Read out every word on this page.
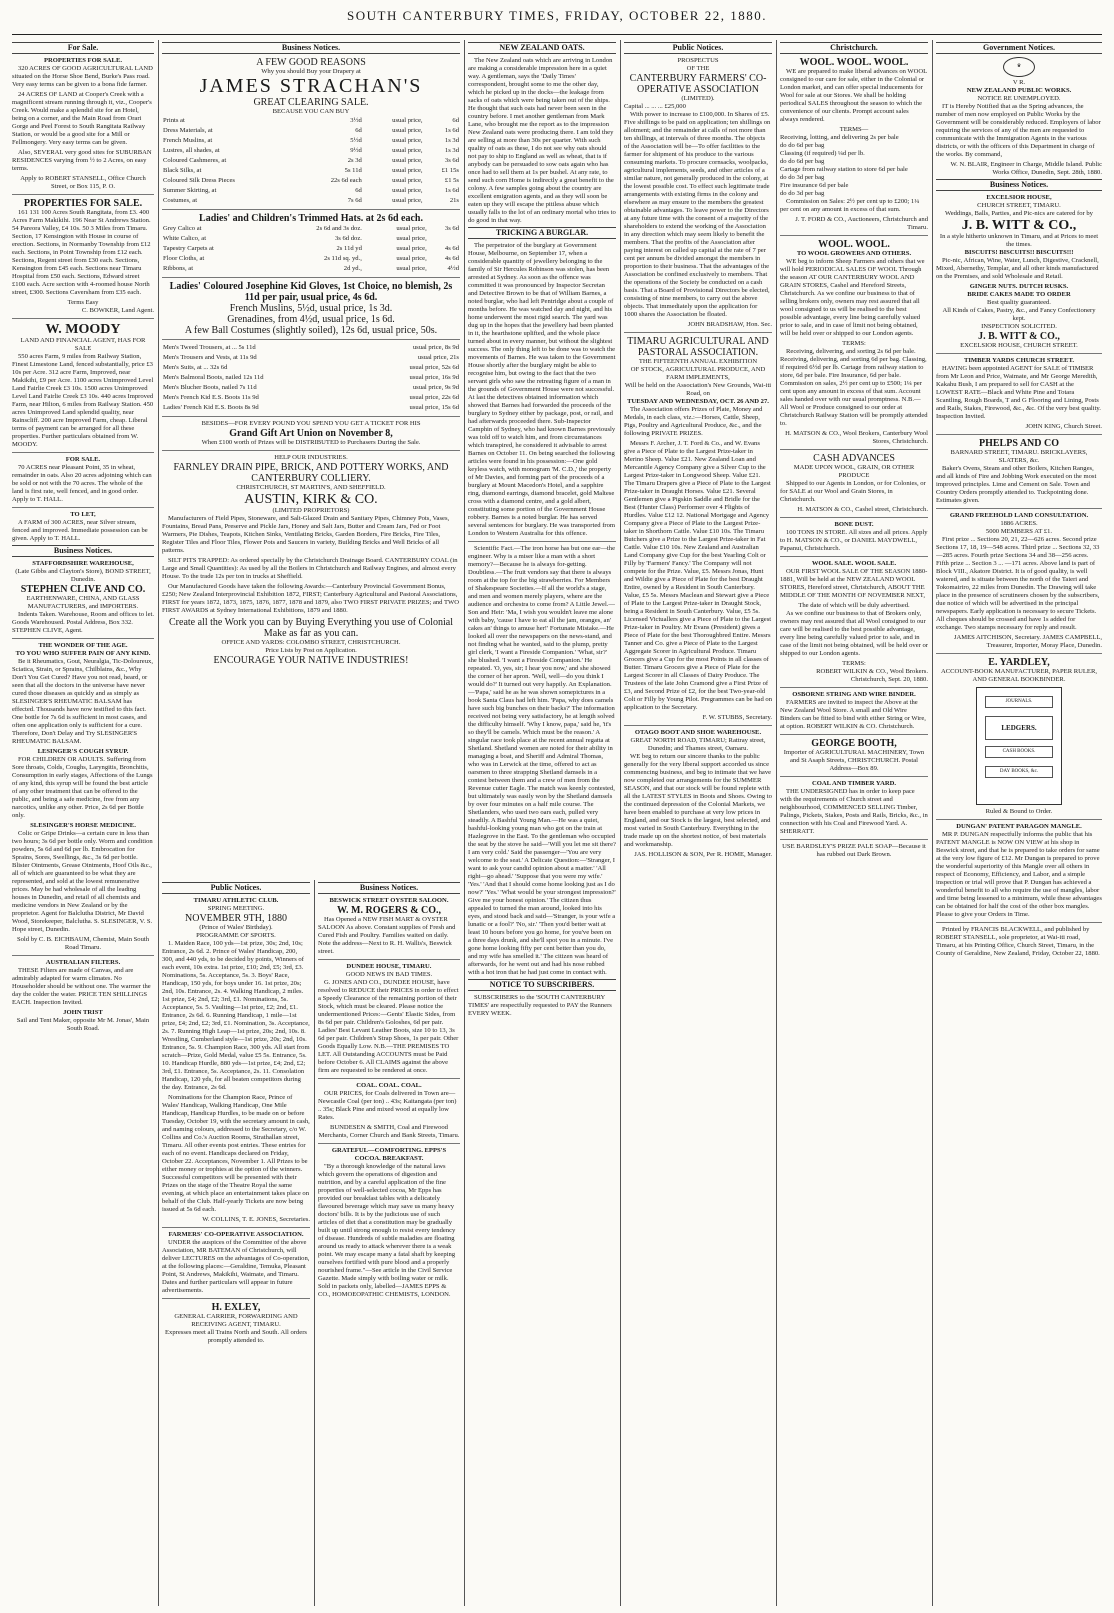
SOUTH CANTERBURY TIMES, FRIDAY, OCTOBER 22, 1880.
For Sale.
PROPERTIES FOR SALE.

320 ACRES OF GOOD AGRICULTURAL LAND situated on the Horse Shoe Bend, Burke's Pass road. Very easy terms can be given to a bona fide farmer.

24 ACRES OF LAND at Cooper's Creek with a magnificent stream running through it, viz., Cooper's Creek. Would make a splendid site for an Hotel, being on a corner, and the Main Road from Orari Gorge and Peel Forest to South Rangitata Railway Station, or would be a good site for a Mill or Fellmongery. Very easy terms can be given.

Also, SEVERAL very good sites for SUBURBAN RESIDENCES varying from ½ to 2 Acres, on easy terms.

Apply to ROBERT STANSELL, Office Church Street, or Box 115, P. O.
PROPERTIES FOR SALE.

161 131 100 Acres South Rangitata, from £3. 400 Acres Farm Makikihi. 196 Near St Andrews Station. 54 Pareora Valley, £4 10s. 50 3 Miles from Timaru. Section, 17 Kensington with House in course of erection. Sections, in Normanby Township from £12 each. Sections, in Point Township from £12 each. Sections, Regent street from £30 each. Sections, Kensington from £45 each. Sections near Timaru Hospital from £50 each. Sections, Edward street £100 each. Acre section with 4-roomed house North street, £300. Sections Caversham from £35 each.

Terms Easy
C. BOWKER, Land Agent.
W. MOODY
LAND AND FINANCIAL AGENT, HAS FOR SALE

550 acres Farm, 9 miles from Railway Station, Finest Limestone Land, fenced substantially, price £3 10s per Acre. 312 acre Farm, Improved, near Makikihi, £9 per Acre. 1100 acres Unimproved Level Land Fairlie Creek £3 10s. 1500 acres Unimproved Level Land Fairlie Creek £3 10s. 440 acres Improved Farm, near Hilton, 6 miles from Railway Station. 450 acres Unimproved Land splendid quality, near Rainscliff. 200 acre Improved Farm, cheap. Liberal terms of payment can be arranged for all these properties. Further particulars obtained from W. MOODY.

FOR SALE.

70 ACRES near Pleasant Point, 35 in wheat, remainder in oats. Also 20 acres adjoining which can be sold or not with the 70 acres. The whole of the land is first rate, well fenced, and in good order. Apply to T. HALL.

TO LET,

A FARM of 300 ACRES, near Silver stream, fenced and improved. Immediate possession can be given. Apply to T. HALL.

Business Notices.
STAFFORDSHIRE WAREHOUSE,
(Late Gibbs and Clayton's Store), BOND STREET, Dunedin.
STEPHEN CLIVE AND CO.
EARTHENWARE, CHINA, AND GLASS MANUFACTURERS, and IMPORTERS.

Indents Taken. Warehouse, Room and offices to let. Goods Warehoused. Postal Address, Box 332. STEPHEN CLIVE, Agent.

THE WONDER OF THE AGE.
TO YOU WHO SUFFER PAIN OF ANY KIND.

Be it Rheumatics, Gout, Neuralgia, Tic-Doloureux, Sciatica, Strain, or Sprains, Chilblains, &c., Why Don't You Get Cured? Have you not read, heard, or seen that all the doctors in the universe have never cured those diseases as quickly and as simply as SLESINGER'S RHEUMATIC BALSAM has effected. Thousands have now testified to this fact. One bottle for 7s 6d is sufficient in most cases, and often one application only is sufficient for a cure. Therefore, Don't Delay and Try SLESINGER'S RHEUMATIC BALSAM.

LESINGER'S COUGH SYRUP.

FOR CHILDREN OR ADULTS. Suffering from Sore throats, Colds, Coughs, Laryngitis, Bronchitis, Consumption in early stages, Affections of the Lungs of any kind, this syrup will be found the best article of any other treatment that can be offered to the public, and being a safe medicine, free from any narcotics, unlike any other. Price, 2s 6d per Bottle only.

SLESINGER'S HORSE MEDICINE.

Colic or Gripe Drinks—a certain cure in less than two hours; 3s 6d per bottle only. Worm and condition powders, 5s 6d and 6d per lb. Embrocation for Sprains, Sores, Swellings, &c., 3s 6d per bottle. Blister Ointments, Grease Ointments, Hoof Oils &c., all of which are guaranteed to be what they are represented, and sold at the lowest remunerative prices. May be had wholesale of all the leading houses in Dunedin, and retail of all chemists and medicine vendors in New Zealand or by the proprietor. Agent for Balclutha District, Mr David Wood, Storekeeper, Balclutha. S. SLESINGER, V. S. Hope street, Dunedin.

Sold by C. B. EICHBAUM, Chemist, Main South Road Timaru.
AUSTRALIAN FILTERS.

THESE Filters are made of Canvas, and are admirably adapted for warm climates. No Householder should be without one. The warmer the day the colder the water. PRICE TEN SHILLINGS EACH. Inspection Invited.

JOHN TRIST
Sail and Tent Maker, opposite Mr M. Jonas', Main South Road.
Business Notices.
A FEW GOOD REASONS
Why you should Buy your Drapery at
JAMES STRACHAN'S
GREAT CLEARING SALE.
BECAUSE YOU CAN BUY
Prints at	3½d	usual price,	6d
Dress Materials, at	6d	usual price,	1s 6d
French Muslins, at	5½d	usual price,	1s 3d
Lustres, all shades, at	9½d	usual price,	1s 3d
Coloured Cashmeres, at	2s 3d	usual price,	3s 6d
Black Silks, at	5s 11d	usual price,	£1 15s
Coloured Silk Dress Pieces	22s 6d each	usual price,	£1 5s
Summer Skirting, at	6d	usual price,	1s 6d
Costumes, at	7s 6d	usual price,	21s
Ladies' and Children's Trimmed Hats. at 2s 6d each.
Grey Calico at	2s 6d and 3s doz.	usual price,	3s 6d
White Calico, at	3s 6d doz.	usual price,	
Tapestry Carpets at	2s 11d yd	usual price,	4s 6d
Floor Cloths, at	2s 11d sq. yd.,	usual price,	4s 6d
Ribbons, at	2d yd.,	usual price,	4½d
Ladies' Coloured Josephine Kid Gloves, 1st Choice, no blemish, 2s 11d per pair, usual price, 4s 6d.
French Muslins, 5½d, usual price, 1s 3d.
Grenadines, from 4½d, usual price, 1s 6d.
A few Ball Costumes (slightly soiled), 12s 6d, usual price, 50s.
Men's Tweed Trousers, at ... 5s 11d	usual price, 8s 9d
Men's Trousers and Vests, at 11s 9d	usual price, 21s
Men's Suits, at ... 32s 6d	usual price, 52s 6d
Men's Balmoral Boots, nailed 12s 11d	usual price, 16s 9d
Men's Blucher Boots, nailed 7s 11d	usual price, 9s 9d
Men's French Kid E.S. Boots 11s 9d	usual price, 22s 6d
Ladies' French Kid E.S. Boots 8s 9d	usual price, 15s 6d
BESIDES—FOR EVERY POUND YOU SPEND YOU GET A TICKET FOR HIS
Grand Gift Art Union on November 8,
When £100 worth of Prizes will be DISTRIBUTED to Purchasers During the Sale.
HELP OUR INDUSTRIES.
FARNLEY DRAIN PIPE, BRICK, AND POTTERY WORKS, AND CANTERBURY COLLIERY.
CHRISTCHURCH, ST MARTIN'S, AND SHEFFIELD.
AUSTIN, KIRK & CO.
(LIMITED PROPRIETORS)

Manufacturers of Field Pipes, Stoneware, and Salt-Glazed Drain and Sanitary Pipes, Chimney Pots, Vases, Fountains, Bread Pans, Preserve and Pickle Jars, Honey and Salt Jars, Butter and Cream Jars, Fed or Foot Warmers, Pie Dishes, Teapots, Kitchen Sinks, Ventilating Bricks, Garden Borders, Fire Bricks, Fire Tiles, Register Tiles and Floor Tiles, Flower Pots and Saucers in variety, Building Bricks and Well Bricks of all patterns.

SILT PITS TRAPPED: As ordered specially by the Christchurch Drainage Board. CANTERBURY COAL (in Large and Small Quantities): As used by all the Boilers in Christchurch and Railway Engines, and almost every House. To the trade 12s per ton in trucks at Sheffield.

Our Manufactured Goods have taken the following Awards:—Canterbury Provincial Government Bonus, £250; New Zealand Interprovincial Exhibition 1872, FIRST; Canterbury Agricultural and Pastoral Associations, FIRST for years 1872, 1873, 1875, 1876, 1877, 1878 and 1879, also TWO FIRST PRIVATE PRIZES; and TWO FIRST AWARDS at Sydney International Exhibitions, 1879 and 1880.

Create all the Work you can by Buying Everything you use of Colonial Make as far as you can.
OFFICE AND YARDS: COLOMBO STREET, CHRISTCHURCH.
Price Lists by Post on Application.
ENCOURAGE YOUR NATIVE INDUSTRIES!
Public Notices.
TIMARU ATHLETIC CLUB.
SPRING MEETING.
NOVEMBER 9TH, 1880
(Prince of Wales' Birthday).
PROGRAMME OF SPORTS.

1. Maiden Race, 100 yds—1st prize, 30s; 2nd, 10s; Entrance, 2s 6d. 2. Prince of Wales' Handicap, 200, 300, and 440 yds, to be decided by points, Winners of each event, 10s extra. 1st prize, £10; 2nd, £5; 3rd, £3. Nominations, 5s. Acceptance, 5s. 3. Boys' Race, Handicap, 150 yds, for boys under 16. 1st prize, 20s; 2nd, 10s. Entrance, 2s. 4. Walking Handicap, 2 miles. 1st prize, £4; 2nd, £2; 3rd, £1. Nominations, 5s. Acceptance, 5s. 5. Vaulting—1st prize, £2; 2nd, £1. Entrance, 2s 6d. 6. Running Handicap, 1 mile—1st prize, £4; 2nd, £2; 3rd, £1. Nomination, 3s. Acceptance, 2s. 7. Running High Leap—1st prize, 20s; 2nd, 10s. 8. Wrestling, Cumberland style—1st prize, 20s; 2nd, 10s. Entrance, 5s. 9. Champion Race, 300 yds. All start from scratch—Prize, Gold Medal, value £5 5s. Entrance, 5s. 10. Handicap Hurdle, 880 yds—1st prize, £4; 2nd, £2; 3rd, £1. Entrance, 5s. Acceptance, 2s. 11. Consolation Handicap, 120 yds, for all beaten competitors during the day. Entrance, 2s 6d.

Nominations for the Champion Race, Prince of Wales' Handicap, Walking Handicap, One Mile Handicap, Handicap Hurdles, to be made on or before Tuesday, October 19, with the secretary amount in cash, and naming colours, addressed to the Secretary, c/o W. Collins and Co.'s Auction Rooms, Strathallan street, Timaru. All other events post entries. These entries for each of no event. Handicaps declared on Friday, October 22. Acceptances, November 1. All Prizes to be either money or trophies at the option of the winners. Successful competitors will be presented with their Prizes on the stage of the Theatre Royal the same evening, at which place an entertainment takes place on behalf of the Club. Half-yearly Tickets are now being issued at 5s 6d each.

W. COLLINS, T. E. JONES, Secretaries.
FARMERS' CO-OPERATIVE ASSOCIATION.

UNDER the auspices of the Committee of the above Association, MR BATEMAN of Christchurch, will deliver LECTURES on the advantages of Co-operation, at the following places:—Geraldine, Temuka, Pleasant Point, St Andrews, Makikihi, Waimate, and Timaru. Dates and further particulars will appear in future advertisements.

H. EXLEY,
GENERAL CARRIER, FORWARDING AND RECEIVING AGENT, TIMARU.
Expresses meet all Trains North and South. All orders promptly attended to.
Business Notices.
BESWICK STREET OYSTER SALOON.
W. M. ROGERS & CO.,

Has Opened a NEW FISH MART & OYSTER SALOON As above. Constant supplies of Fresh and Cured Fish and Poultry. Families waited on daily. Note the address—Next to R. H. Wallis's, Beswick street.

DUNDEE HOUSE, TIMARU.
GOOD NEWS IN BAD TIMES.

G. JONES AND CO., DUNDEE HOUSE, have resolved to REDUCE their PRICES in order to effect a Speedy Clearance of the remaining portion of their Stock, which must be cleared. Please notice the undermentioned Prices:—Gents' Elastic Sides, from 8s 6d per pair. Children's Goloshes, 6d per pair. Ladies' Best Levant Leather Boots, size 10 to 13, 3s 6d per pair. Children's Strap Shoes, 1s per pair. Other Goods Equally Low. N.B.—THE PREMISES TO LET. All Outstanding ACCOUNTS must be Paid before October 6. All CLAIMS against the above firm are requested to be rendered at once.

COAL. COAL. COAL.

OUR PRICES, for Coals delivered in Town are—Newcastle Coal (per ton) .. 43s; Kaitangata (per ton) .. 35s; Black Pine and mixed wood at equally low Rates.

BUNDESEN & SMITH, Coal and Firewood Merchants, Corner Church and Bank Streets, Timaru.
GRATEFUL—COMFORTING. EPPS'S COCOA. BREAKFAST.

"By a thorough knowledge of the natural laws which govern the operations of digestion and nutrition, and by a careful application of the fine properties of well-selected cocoa, Mr Epps has provided our breakfast tables with a delicately flavoured beverage which may save us many heavy doctors' bills. It is by the judicious use of such articles of diet that a constitution may be gradually built up until strong enough to resist every tendency of disease. Hundreds of subtle maladies are floating around us ready to attack wherever there is a weak point. We may escape many a fatal shaft by keeping ourselves fortified with pure blood and a properly nourished frame."—See article in the Civil Service Gazette. Made simply with boiling water or milk. Sold in packets only, labelled—JAMES EPPS & CO., HOMOEOPATHIC CHEMISTS, LONDON.

NEW ZEALAND OATS.

The New Zealand oats which are arriving in London are making a considerable impression here in a quiet way. A gentleman, says the 'Daily Times' correspondent, brought some to me the other day, which he picked up in the docks—the leakage from sacks of oats which were being taken out of the ships. He thought that such oats had never been seen in the country before. I met another gentleman from Mark Lane, who brought me the report as to the impression New Zealand oats were producing there. I am told they are selling at more than 30s per quarter. With such quality of oats as these, I do not see why oats should not pay to ship to England as well as wheat, that is if anybody can be persuaded to sow oats again who has once had to sell them at 1s per bushel. At any rate, to send such corn Home is indirectly a great benefit to the colony. A few samples going about the country are excellent emigration agents, and as they will soon be eaten up they will escape the pitiless abuse which usually falls to the lot of an ordinary mortal who tries to do good in that way.

TRICKING A BURGLAR.

The perpetrator of the burglary at Government House, Melbourne, on September 17, when a considerable quantity of jewellery belonging to the family of Sir Hercules Robinson was stolen, has been arrested at Sydney. As soon as the offence was committed it was pronounced by Inspector Secretan and Detective Brown to be that of William Barnes, a noted burglar, who had left Pentridge about a couple of months before. He was watched day and night, and his home underwent the most rigid search. The yard was dug up in the hopes that the jewellery had been planted in it, the hearthstone uplifted, and the whole place turned about in every manner, but without the slightest success. The only thing left to be done was to watch the movements of Barnes. He was taken to the Government House shortly after the burglary might be able to recognise him, but owing to the fact that the two servant girls who saw the retreating figure of a man in the grounds of Government House were not successful. At last the detectives obtained information which showed that Barnes had forwarded the proceeds of the burglary to Sydney either by package, post, or rail, and had afterwards proceeded there. Sub-Inspector Camphin of Sydney, who had known Barnes previously was told off to watch him, and from circumstances which transpired, he considered it advisable to arrest Barnes on October 11. On being searched the following articles were found in his possession:—One gold keyless watch, with monogram 'M. C.D.,' the property of Mr Davies, and forming part of the proceeds of a burglary at Mount Macedon's Hotel, and a sapphire ring, diamond earrings, diamond bracelet, gold Maltese cross with a diamond centre, and a gold albert, constituting some portion of the Government House robbery. Barnes is a noted burglar. He has served several sentences for burglary. He was transported from London to Western Australia for this offence.

Scientific Fact.—The iron horse has but one ear—the engineer. Why is a miser like a man with a short memory?—Because he is always for-getting. Doubtless.—The fruit vendors say that there is always room at the top for the big strawberries. For Members of Shakespeare Societies.—If all the world's a stage, and men and women merely players, where are the audience and orchestra to come from? A Little Jewel.—Son and Heir: 'Ma, I wish you wouldn't leave me alone with baby, 'cause I have to eat all the jam, oranges, an' cakes an' things to amuse her!' Fortunate Mistake.—He looked all over the newspapers on the news-stand, and not finding what he wanted, said to the plump, pretty girl clerk, 'I want a Fireside Companion.' 'What, sir?' she blushed. 'I want a Fireside Companion.' He repeated. 'O, yes, sir; I hear you now,' and she showed the corner of her apron. 'Well, well—do you think I would do?' It turned out very happily. An Explanation.—'Papa,' said he as he was shown somepictures in a book Santa Claus had left him. 'Papa, why does camels have such big bunches on their backs?' The information received not being very satisfactory, he at length solved the difficulty himself. 'Why I know, papa,' said he, 'it's so they'll be camels. Which must be the reason.' A singular race took place at the recent annual regatta at Shetland. Shetland women are noted for their ability in managing a boat, and Sheriff and Admiral Thomas, who was in Lerwick at the time, offered to act as oarsmen to three strapping Shetland damsels in a contest between them and a crew of men from the Revenue cutter Eagle. The match was keenly contested, but ultimately was easily won by the Shetland damsels by over four minutes on a half mile course. The Shetlanders, who used two oars each, pulled very steadily. A Bashful Young Man.—He was a quiet, bashful-looking young man who got on the train at Hazlegrove in the East. To the gentleman who occupied the seat by the stove he said—'Will you let me sit there? I am very cold.' Said the passenger—'You are very welcome to the seat.' A Delicate Question:—'Stranger, I want to ask your candid opinion about a matter.' 'All right—go ahead.' 'Suppose that you were my wife.' 'Yes.' 'And that I should come home looking just as I do now?' 'Yes.' 'What would be your strongest impression?' Give me your honest opinion.' The citizen thus appealed to turned the man around, looked into his eyes, and stood back and said—'Stranger, is your wife a lunatic or a fool?' 'No, sir.' 'Then you'd better wait at least 10 hours before you go home, for you've been on a three days drunk, and she'll spot you in a minute. I've gone home looking fifty per cent better than you do, and my wife has smelled it.' The citizen was heard of afterwards, for he went out and had his nose rubbed with a hot iron that he had just come in contact with.

NOTICE TO SUBSCRIBERS.

SUBSCRIBERS to the 'SOUTH CANTERBURY TIMES' are respectfully requested to PAY the Runners EVERY WEEK.

Public Notices.
PROSPECTUS
OF THE
CANTERBURY FARMERS' CO-OPERATIVE ASSOCIATION
(LIMITED).
Capital ... ... ... £25,000

With power to increase to £100,000. In Shares of £5. Five shillings to be paid on application; ten shillings on allotment; and the remainder at calls of not more than ten shillings, at intervals of three months. The objects of the Association will be—To offer facilities to the farmer for shipment of his produce to the various consuming markets. To procure cornsacks, woolpacks, agricultural implements, seeds, and other articles of a similar nature, not generally produced in the colony, at the lowest possible cost. To effect such legitimate trade arrangements with existing firms in the colony and elsewhere as may ensure to the members the greatest obtainable advantages. To leave power to the Directors at any future time with the consent of a majority of the shareholders to extend the working of the Association in any direction which may seem likely to benefit the members. That the profits of the Association after paying interest on called up capital at the rate of 7 per cent per annum be divided amongst the members in proportion to their business. That the advantages of the Association be confined exclusively to members. That the operations of the Society be conducted on a cash basis. That a Board of Provisional Directors be elected, consisting of nine members, to carry out the above objects. That immediately upon the application for 1000 shares the Association be floated.

JOHN BRADSHAW, Hon. Sec.
TIMARU AGRICULTURAL AND PASTORAL ASSOCIATION.
THE FIFTEENTH ANNUAL EXHIBITION
OF STOCK, AGRICULTURAL PRODUCE, AND FARM IMPLEMENTS,
Will be held on the Association's New Grounds, Wai-iti Road, on
TUESDAY AND WEDNESDAY, OCT. 26 AND 27.

The Association offers Prizes of Plate, Money and Medals, in each class, viz.:—Horses, Cattle, Sheep, Pigs, Poultry and Agricultural Produce, &c., and the following PRIVATE PRIZES.

Messrs F. Archer, J. T. Ford & Co., and W. Evans give a Piece of Plate to the Largest Prize-taker in Merino Sheep. Value £21. New Zealand Loan and Mercantile Agency Company give a Silver Cup to the Largest Prize-taker in Longwood Sheep. Value £21. The Timaru Drapers give a Piece of Plate to the Largest Prize-taker in Draught Horses. Value £21. Several Gentlemen give a Pigskin Saddle and Bridle for the Best (Hunter Class) Performer over 4 Flights of Hurdles. Value £12 12. National Mortgage and Agency Company give a Piece of Plate to the Largest Prize-taker in Shorthorn Cattle. Value £10 10s. The Timaru Butchers give a Prize to the Largest Prize-taker in Fat Cattle. Value £10 10s. New Zealand and Australian Land Company give Cup for the best Yearling Colt or Filly by 'Farmers' Fancy.' The Company will not compete for the Prize. Value, £5. Messrs Jonas, Hunt and Wildie give a Piece of Plate for the best Draught Entire, owned by a Resident in South Canterbury. Value, £5 5s. Messrs Maclean and Stewart give a Piece of Plate to the Largest Prize-taker in Draught Stock, being a Resident in South Canterbury. Value, £5 5s. Licensed Victuallers give a Piece of Plate to the Largest Prize-taker in Poultry. Mr Evans (President) gives a Piece of Plate for the best Thoroughbred Entire. Messrs Tanner and Co. give a Piece of Plate to the Largest Aggregate Scorer in Agricultural Produce. Timaru Grocers give a Cup for the most Points in all classes of Butter. Timaru Grocers give a Piece of Plate for the Largest Scorer in all Classes of Dairy Produce. The Trustees of the late John Cramond give a First Prize of £3, and Second Prize of £2, for the best Two-year-old Colt or Filly by Young Pilot. Pregrammes can be had on application to the Secretary.

F. W. STUBBS, Secretary.
OTAGO BOOT AND SHOE WAREHOUSE.
GREAT NORTH ROAD, TIMARU; Rattray street, Dunedin; and Thames street, Oamaru.

WE beg to return our sincere thanks to the public generally for the very liberal support accorded us since commencing business, and beg to intimate that we have now completed our arrangements for the SUMMER SEASON, and that our stock will be found replete with all the LATEST STYLES in Boots and Shoes. Owing to the continued depression of the Colonial Markets, we have been enabled to purchase at very low prices in England, and our Stock is the largest, best selected, and most varied in South Canterbury. Everything in the trade made up on the shortest notice, of best materials and workmanship.

JAS. HOLLISON & SON, Per R. HOME, Manager.
Christchurch.
WOOL. WOOL. WOOL.

WE are prepared to make liberal advances on WOOL consigned to our care for sale, either in the Colonial or London market, and can offer special inducements for Wool for sale at our Stores. We shall be holding periodical SALES throughout the season to which the convenience of our clients. Prompt account sales always rendered.

TERMS—
Receiving, lotting, and delivering 2s per bale
do do 6d per bag
Classing (if required) ¼d per lb.
do do 6d per bag
Cartage from railway station to store 6d per bale
do do 3d per bag
Fire insurance 6d per bale
do do 3d per bag

Commission on Sales: 2½ per cent up to £200; 1¼ per cent on any amount in excess of that sum.

J. T. FORD & CO., Auctioneers, Christchurch and Timaru.
WOOL. WOOL.
TO WOOL GROWERS AND OTHERS.

WE beg to inform Sheep Farmers and others that we will hold PERIODICAL SALES OF WOOL Through the season AT OUR CANTERBURY WOOL AND GRAIN STORES, Cashel and Hereford Streets, Christchurch. As we confine our business to that of selling brokers only, owners may rest assured that all wool consigned to us will be realised to the best possible advantage, every line being carefully valued prior to sale, and in case of limit not being obtained, will be held over or shipped to our London agents.

TERMS:

Receiving, delivering, and sorting 2s 6d per bale. Receiving, delivering, and sorting 6d per bag. Classing, if required 6½d per lb. Cartage from railway station to store, 6d per bale. Fire Insurance, 6d per bale. Commission on sales, 2½ per cent up to £500; 1¼ per cent upon any amount in excess of that sum. Account sales handed over with our usual promptness. N.B.—All Wool or Produce consigned to our order at Christchurch Railway Station will be promptly attended to.

H. MATSON & CO., Wool Brokers, Canterbury Wool Stores, Christchurch.
CASH ADVANCES
MADE UPON WOOL, GRAIN, OR OTHER PRODUCE

Shipped to our Agents in London, or for Colonies, or for SALE at our Wool and Grain Stores, in Christchurch.

H. MATSON & CO., Cashel street, Christchurch.
BONE DUST.

100 TONS IN STORE. All sizes and all prices. Apply to H. MATSON & CO., or DANIEL MAYDWELL, Papanui, Christchurch.

WOOL SALE. WOOL SALE.

OUR FIRST WOOL SALE OF THE SEASON 1880-1881, Will be held at the NEW ZEALAND WOOL STORES, Hereford street, Christchurch, ABOUT THE MIDDLE OF THE MONTH OF NOVEMBER NEXT,

The date of which will be duly advertised.

As we confine our business to that of Brokers only, owners may rest assured that all Wool consigned to our care will be realised to the best possible advantage, every line being carefully valued prior to sale, and in case of the limit not being obtained, will be held over or shipped to our London agents.

TERMS:
ROBERT WILKIN & CO., Wool Brokers. Christchurch, Sept. 20, 1880.
OSBORNE STRING AND WIRE BINDER.

FARMERS are invited to inspect the Above at the New Zealand Wool Store. A small and Old Wire Binders can be fitted to bind with either String or Wire, at option. ROBERT WILKIN & CO. Christchurch.

GEORGE BOOTH,
Importer of AGRICULTURAL MACHINERY, Town and St Asaph Streets, CHRISTCHURCH. Postal Address—Box 89.
COAL AND TIMBER YARD.

THE UNDERSIGNED has in order to keep pace with the requirements of Church street and neighbourhood, COMMENCED SELLING Timber, Palings, Pickets, Stakes, Posts and Rails, Bricks, &c., in connection with his Coal and Firewood Yard. A. SHERRATT.

USE BARDSLEY'S PRIZE PALE SOAP—Because it has rubbed out Dark Brown.
Government Notices.
♛
V R.
NEW ZEALAND PUBLIC WORKS.
NOTICE RE UNEMPLOYED.

IT is Hereby Notified that as the Spring advances, the number of men now employed on Public Works by the Government will be considerably reduced. Employers of labor requiring the services of any of the men are requested to communicate with the Immigration Agents in the various districts, or with the officers of this Department in charge of the works. By command,

W. N. BLAIR, Engineer in Charge, Middle Island. Public Works Office, Dunedin, Sept. 28th, 1880.
Business Notices.
EXCELSIOR HOUSE,
CHURCH STREET, TIMARU.
Weddings, Balls, Parties, and Pic-nics are catered for by
J. B. WITT & CO.,
In a style hitherto unknown in Timaru, and at Prices to meet the times.
BISCUITS! BISCUITS!! BISCUITS!!!

Pic-nic, African, Wine, Water, Lunch, Digestive, Cracknell, Mixed, Abernethy, Templar, and all other kinds manufactured on the Premises, and sold Wholesale and Retail.

GINGER NUTS. DUTCH RUSKS.
BRIDE CAKES MADE TO ORDER
Best quality guaranteed.
All Kinds of Cakes, Pastry, &c., and Fancy Confectionery kept.
INSPECTION SOLICITED.
J. B. WITT & CO.,
EXCELSIOR HOUSE, CHURCH STREET.
TIMBER YARDS CHURCH STREET.

HAVING been appointed AGENT for SALE of TIMBER from Mr Leon and Price, Waimate, and Mr George Meredith, Kakahu Bush, I am prepared to sell for CASH at the LOWEST RATE—Black and White Pine and Totara Scantling, Rough Boards, T and G Flooring and Lining, Posts and Rails, Stakes, Firewood, &c., &c. Of the very best quality. Inspection Invited.

JOHN KING, Church Street.
PHELPS AND CO
BARNARD STREET, TIMARU. BRICKLAYERS, SLATERS, &c.

Baker's Ovens, Steam and other Boilers, Kitchen Ranges, and all kinds of Fire and Jobbing Work executed on the most improved principles. Lime and Cement on Sale. Town and Country Orders promptly attended to. Tuckpointing done. Estimates given.

GRAND FREEHOLD LAND CONSULTATION.
1886 ACRES.
5000 MEMBERS AT £1.

First prize ... Sections 20, 21, 22—626 acres. Second prize Sections 17, 18, 19—548 acres. Third prize ... Sections 32, 33—285 acres. Fourth prize Sections 34 and 38—256 acres. Fifth prize ... Section 3 ... —171 acres. Above land is part of Block VIII., Akatore District. It is of good quality, is well watered, and is situate between the north of the Taieri and Tokomairiro, 22 miles from Dunedin. The Drawing will take place in the presence of scrutineers chosen by the subscribers, due notice of which will be advertised in the principal newspapers. Early application is necessary to secure Tickets. All cheques should be crossed and have 1s added for exchange. Two stamps necessary for reply and result.

JAMES AITCHISON, Secretary. JAMES CAMPBELL, Treasurer, Importer, Moray Place, Dunedin.
E. YARDLEY,
ACCOUNT-BOOK MANUFACTURER, PAPER RULER, AND GENERAL BOOKBINDER.
JOURNALS.
LEDGERS.
CASH BOOKS.
DAY BOOKS, &c.
Ruled & Bound to Order.
DUNGAN' PATENT PARAGON MANGLE.

MR P. DUNGAN respectfully informs the public that his PATENT MANGLE is NOW ON VIEW at his shop in Beswick street, and that he is prepared to take orders for same at the very low figure of £12. Mr Dungan is prepared to prove the wonderful superiority of this Mangle over all others in respect of Economy, Efficiency, and Labor, and a simple inspection or trial will prove that P. Dungan has achieved a wonderful benefit to all who require the use of mangles, labor and time being lessened to a minimum, while these advantages can be obtained for half the cost of the other box mangles. Please to give your Orders in Time.

Printed by FRANCIS BLACKWELL, and published by ROBERT STANSELL, sole proprietor, at Wai-iti road, Timaru, at his Printing Office, Church Street, Timaru, in the County of Geraldine, New Zealand, Friday, October 22, 1880.
